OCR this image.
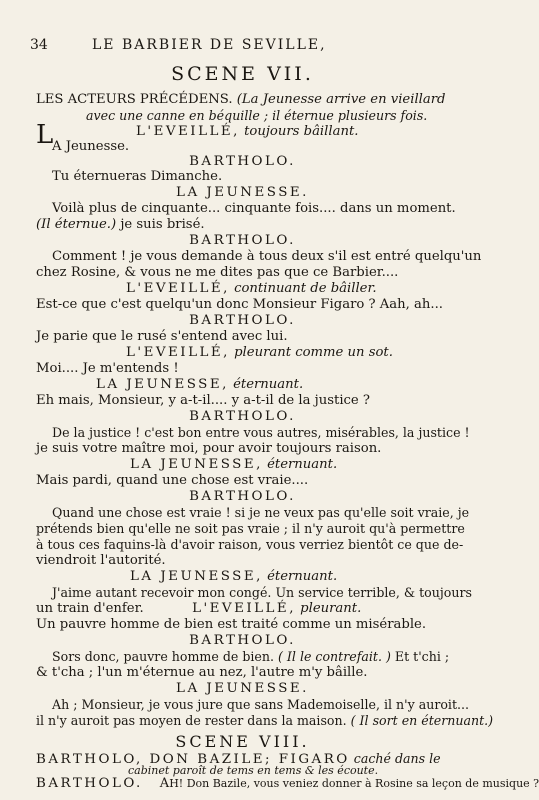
34	LE BARBIER DE SEVILLE,
SCENE VII.
LES ACTEURS PRÉCÉDENS. (La Jeunesse arrive en vieillard
avec une canne en béquille ; il éternue plusieurs fois.
L	L'EVEILLÉ, toujours bâillant.
A Jeunesse.
BARTHOLO.
Tu éternueras Dimanche.
LA JEUNESSE.
Voilà plus de cinquante... cinquante fois.... dans un moment.
(Il éternue.) je suis brisé.
BARTHOLO.
Comment ! je vous demande à tous deux s'il est entré quelqu'un
chez Rosine, & vous ne me dites pas que ce Barbier....
L'EVEILLÉ, continuant de bâiller.
Est-ce que c'est quelqu'un donc Monsieur Figaro ? Aah, ah...
BARTHOLO.
Je parie que le rusé s'entend avec lui.
L'EVEILLÉ, pleurant comme un sot.
Moi.... Je m'entends !
LA JEUNESSE, éternuant.
Eh mais, Monsieur, y a-t-il.... y a-t-il de la justice ?
BARTHOLO.
De la justice ! c'est bon entre vous autres, misérables, la justice !
je suis votre maître moi, pour avoir toujours raison.
LA JEUNESSE, éternuant.
Mais pardi, quand une chose est vraie....
BARTHOLO.
Quand une chose est vraie ! si je ne veux pas qu'elle soit vraie, je
prétends bien qu'elle ne soit pas vraie ; il n'y auroit qu'à permettre
à tous ces faquins-là d'avoir raison, vous verriez bientôt ce que de-
viendroit l'autorité.
LA JEUNESSE, éternuant.
J'aime autant recevoir mon congé. Un service terrible, & toujours
un train d'enfer.	L'EVEILLÉ, pleurant.
Un pauvre homme de bien est traité comme un misérable.
BARTHOLO.
Sors donc, pauvre homme de bien. ( Il le contrefait. ) Et t'chi ;
& t'cha ; l'un m'éternue au nez, l'autre m'y bâille.
LA JEUNESSE.
Ah ; Monsieur, je vous jure que sans Mademoiselle, il n'y auroit...
il n'y auroit pas moyen de rester dans la maison. ( Il sort en éternuant.)
SCENE VIII.
BARTHOLO, DON BAZILE; FIGARO caché dans le
cabinet paroît de tems en tems & les écoute.
BARTHOLO. AH! Don Bazile, vous veniez donner à Rosine sa leçon de musique ?
